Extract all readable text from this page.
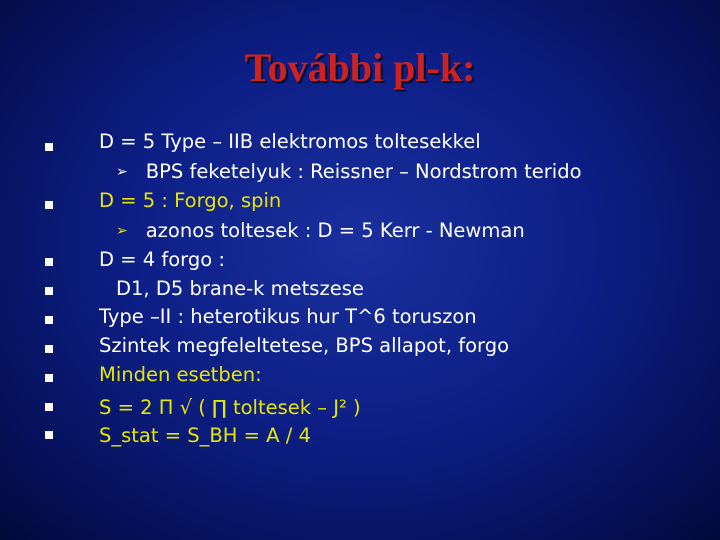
További pl-k:
D = 5 Type – IIB elektromos toltesekkel
➢ BPS feketelyuk : Reissner – Nordstrom terido
D = 5 : Forgo, spin
➢ azonos toltesek : D = 5 Kerr - Newman
D = 4 forgo :
D1, D5 brane-k metszese
Type –II : heterotikus hur T^6 toruszon
Szintek megfeleltetese, BPS allapot, forgo
Minden esetben:
S = 2 Π √ ( ∏ toltesek – J² )
S_stat = S_BH = A / 4
